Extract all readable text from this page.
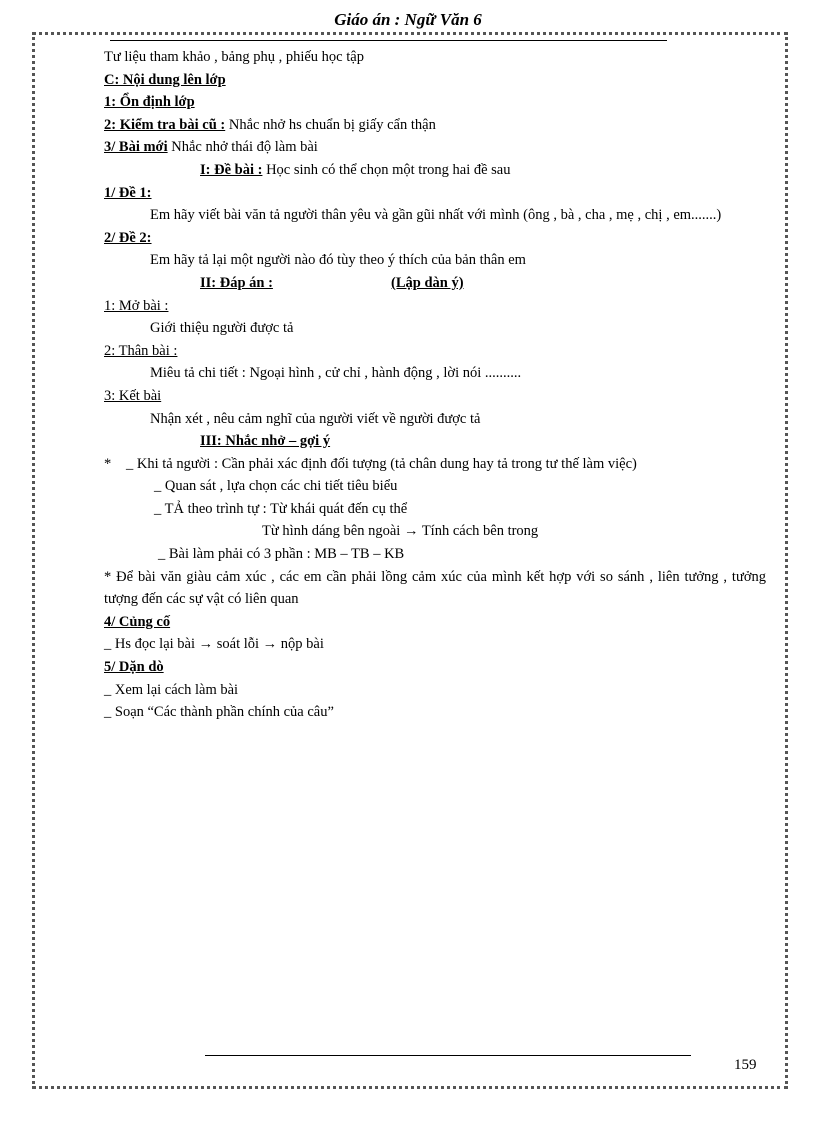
Giáo án : Ngữ Văn 6
Tư liệu tham khảo , bảng phụ , phiếu học tập
C: Nội dung lên lớp
1: Ổn định lớp
2: Kiểm tra bài cũ : Nhắc nhở hs chuẩn bị giấy cẩn thận
3/ Bài mới Nhắc nhở thái độ làm bài
I: Đề bài : Học sinh có thể chọn một trong hai đề sau
1/ Đề 1:
Em hãy viết bài văn tả người thân yêu và gần gũi nhất với mình (ông , bà , cha , mẹ , chị , em.......)
2/ Đề 2:
Em hãy tả lại một người nào đó tùy theo ý thích của bản thân em
II: Đáp án :	(Lập dàn ý)
1: Mở bài :
Giới thiệu người được tả
2: Thân bài :
Miêu tả chi tiết : Ngoại hình , cử chỉ , hành động , lời nói ..........
3: Kết bài
Nhận xét , nêu cảm nghĩ của người viết về người được tả
III: Nhắc nhở – gợi ý
* _ Khi tả người : Cần phải xác định đối tượng (tả chân dung hay tả trong tư thế làm việc)
_ Quan sát , lựa chọn các chi tiết tiêu biểu
_ TẢ theo trình tự : Từ khái quát đến cụ thể
Từ hình dáng bên ngoài → Tính cách bên trong
_ Bài làm phải có 3 phần : MB – TB – KB
* Để bài văn giàu cảm xúc , các em cần phải lồng cảm xúc của mình kết hợp với so sánh , liên tưởng , tưởng tượng đến các sự vật có liên quan
4/ Củng cố
_ Hs đọc lại bài → soát lỗi → nộp bài
5/ Dặn dò
_ Xem lại cách làm bài
_ Soạn “Các thành phần chính của câu”
159
